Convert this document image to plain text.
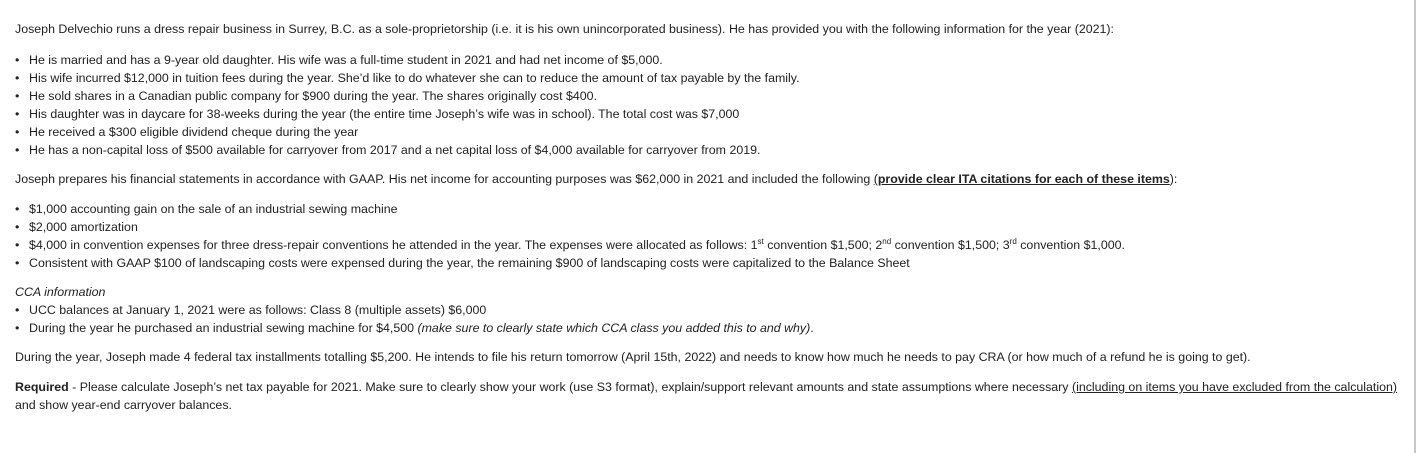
Joseph Delvechio runs a dress repair business in Surrey, B.C. as a sole-proprietorship (i.e. it is his own unincorporated business). He has provided you with the following information for the year (2021):

• He is married and has a 9-year old daughter. His wife was a full-time student in 2021 and had net income of $5,000.
• His wife incurred $12,000 in tuition fees during the year. She’d like to do whatever she can to reduce the amount of tax payable by the family.
• He sold shares in a Canadian public company for $900 during the year. The shares originally cost $400.
• His daughter was in daycare for 38-weeks during the year (the entire time Joseph’s wife was in school). The total cost was $7,000
• He received a $300 eligible dividend cheque during the year
• He has a non-capital loss of $500 available for carryover from 2017 and a net capital loss of $4,000 available for carryover from 2019.

Joseph prepares his financial statements in accordance with GAAP. His net income for accounting purposes was $62,000 in 2021 and included the following (provide clear ITA citations for each of these items):

• $1,000 accounting gain on the sale of an industrial sewing machine
• $2,000 amortization
• $4,000 in convention expenses for three dress-repair conventions he attended in the year. The expenses were allocated as follows: 1st convention $1,500; 2nd convention $1,500; 3rd convention $1,000.
• Consistent with GAAP $100 of landscaping costs were expensed during the year, the remaining $900 of landscaping costs were capitalized to the Balance Sheet

CCA information

• UCC balances at January 1, 2021 were as follows: Class 8 (multiple assets) $6,000
• During the year he purchased an industrial sewing machine for $4,500 (make sure to clearly state which CCA class you added this to and why).

During the year, Joseph made 4 federal tax installments totalling $5,200. He intends to file his return tomorrow (April 15th, 2022) and needs to know how much he needs to pay CRA (or how much of a refund he is going to get).

Required - Please calculate Joseph’s net tax payable for 2021. Make sure to clearly show your work (use S3 format), explain/support relevant amounts and state assumptions where necessary (including on items you have excluded from the calculation)
and show year-end carryover balances.
